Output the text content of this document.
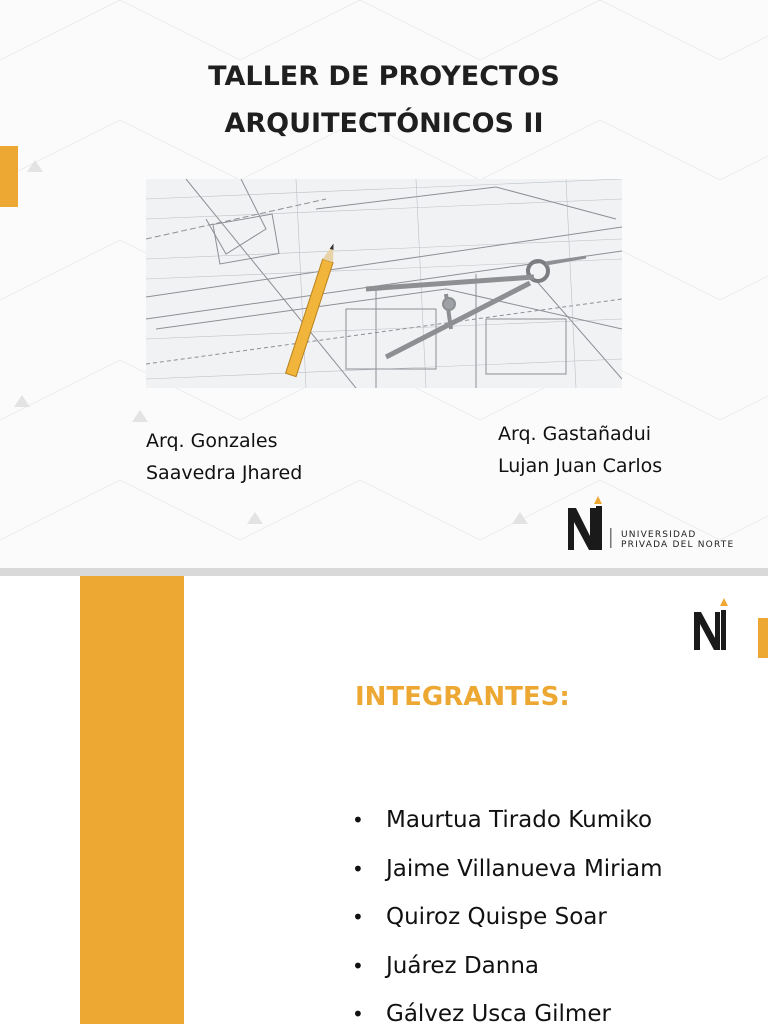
TALLER DE PROYECTOS
ARQUITECTÓNICOS II
Arq. Gonzales
Saavedra Jhared
Arq. Gastañadui
Lujan Juan Carlos
UNIVERSIDAD
PRIVADA DEL NORTE
INTEGRANTES:
• Maurtua Tirado Kumiko
• Jaime Villanueva Miriam
• Quiroz Quispe Soar
• Juárez Danna
• Gálvez Usca Gilmer
